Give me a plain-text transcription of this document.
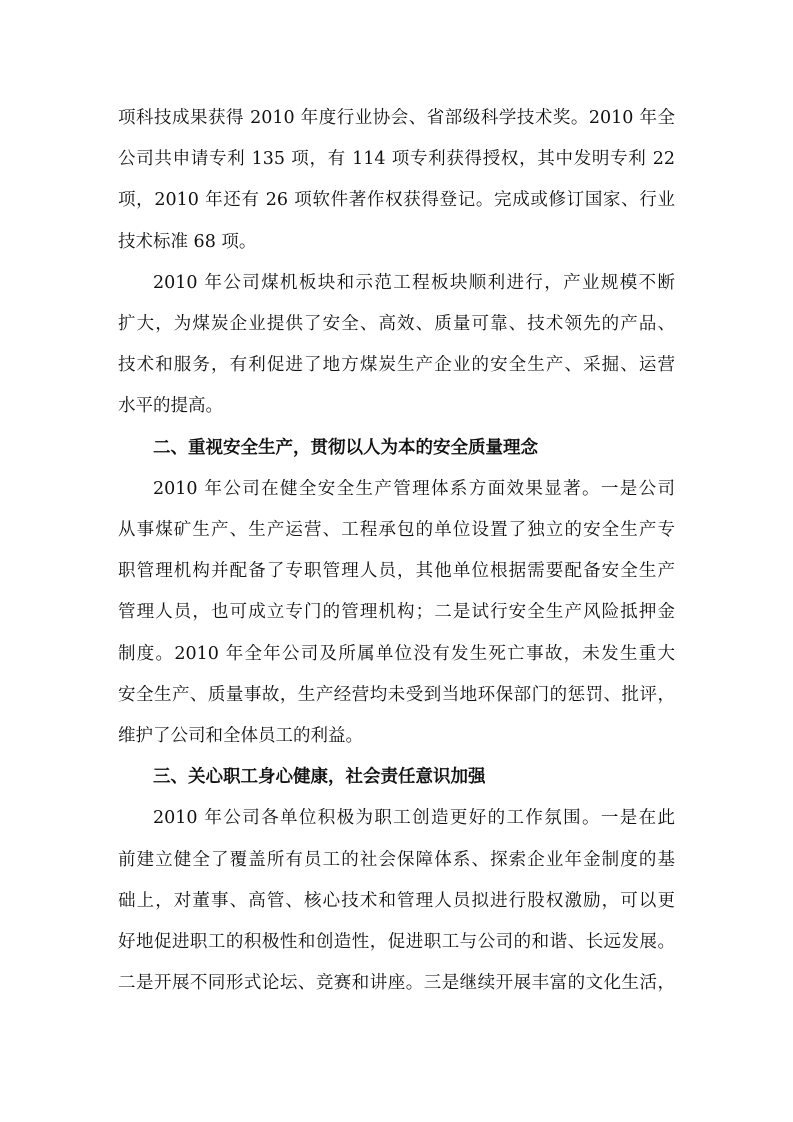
项科技成果获得 2010 年度行业协会、省部级科学技术奖。2010 年全
公司共申请专利 135 项，有 114 项专利获得授权，其中发明专利 22
项，2010 年还有 26 项软件著作权获得登记。完成或修订国家、行业
技术标准 68 项。
2010 年公司煤机板块和示范工程板块顺利进行，产业规模不断
扩大，为煤炭企业提供了安全、高效、质量可靠、技术领先的产品、
技术和服务，有利促进了地方煤炭生产企业的安全生产、采掘、运营
水平的提高。
二、重视安全生产，贯彻以人为本的安全质量理念
2010 年公司在健全安全生产管理体系方面效果显著。一是公司
从事煤矿生产、生产运营、工程承包的单位设置了独立的安全生产专
职管理机构并配备了专职管理人员，其他单位根据需要配备安全生产
管理人员，也可成立专门的管理机构；二是试行安全生产风险抵押金
制度。2010 年全年公司及所属单位没有发生死亡事故，未发生重大
安全生产、质量事故，生产经营均未受到当地环保部门的惩罚、批评，
维护了公司和全体员工的利益。
三、关心职工身心健康，社会责任意识加强
2010 年公司各单位积极为职工创造更好的工作氛围。一是在此
前建立健全了覆盖所有员工的社会保障体系、探索企业年金制度的基
础上，对董事、高管、核心技术和管理人员拟进行股权激励，可以更
好地促进职工的积极性和创造性，促进职工与公司的和谐、长远发展。
二是开展不同形式论坛、竞赛和讲座。三是继续开展丰富的文化生活，
